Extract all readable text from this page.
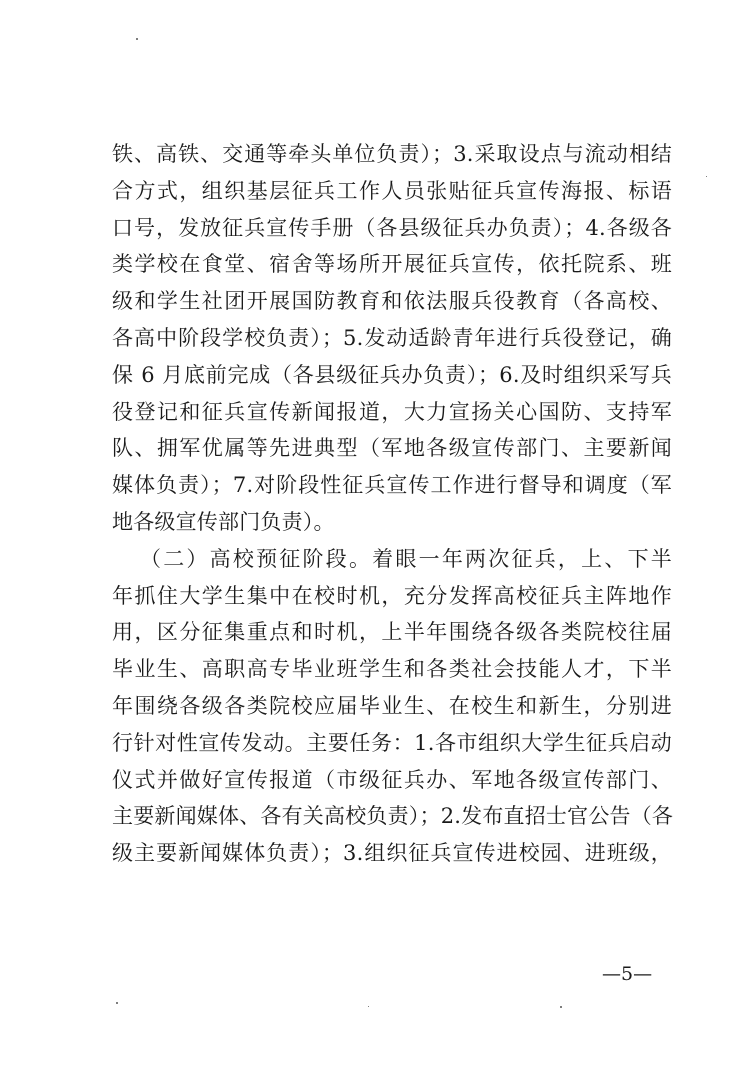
铁、高铁、交通等牵头单位负责）；3.采取设点与流动相结
合方式，组织基层征兵工作人员张贴征兵宣传海报、标语
口号，发放征兵宣传手册（各县级征兵办负责）；4.各级各
类学校在食堂、宿舍等场所开展征兵宣传，依托院系、班
级和学生社团开展国防教育和依法服兵役教育（各高校、
各高中阶段学校负责）；5.发动适龄青年进行兵役登记，确
保 6 月底前完成（各县级征兵办负责）；6.及时组织采写兵
役登记和征兵宣传新闻报道，大力宣扬关心国防、支持军
队、拥军优属等先进典型（军地各级宣传部门、主要新闻
媒体负责）；7.对阶段性征兵宣传工作进行督导和调度（军
地各级宣传部门负责）。
（二）高校预征阶段。着眼一年两次征兵，上、下半
年抓住大学生集中在校时机，充分发挥高校征兵主阵地作
用，区分征集重点和时机，上半年围绕各级各类院校往届
毕业生、高职高专毕业班学生和各类社会技能人才，下半
年围绕各级各类院校应届毕业生、在校生和新生，分别进
行针对性宣传发动。主要任务：1.各市组织大学生征兵启动
仪式并做好宣传报道（市级征兵办、军地各级宣传部门、
主要新闻媒体、各有关高校负责）；2.发布直招士官公告（各
级主要新闻媒体负责）；3.组织征兵宣传进校园、进班级，
—5—
